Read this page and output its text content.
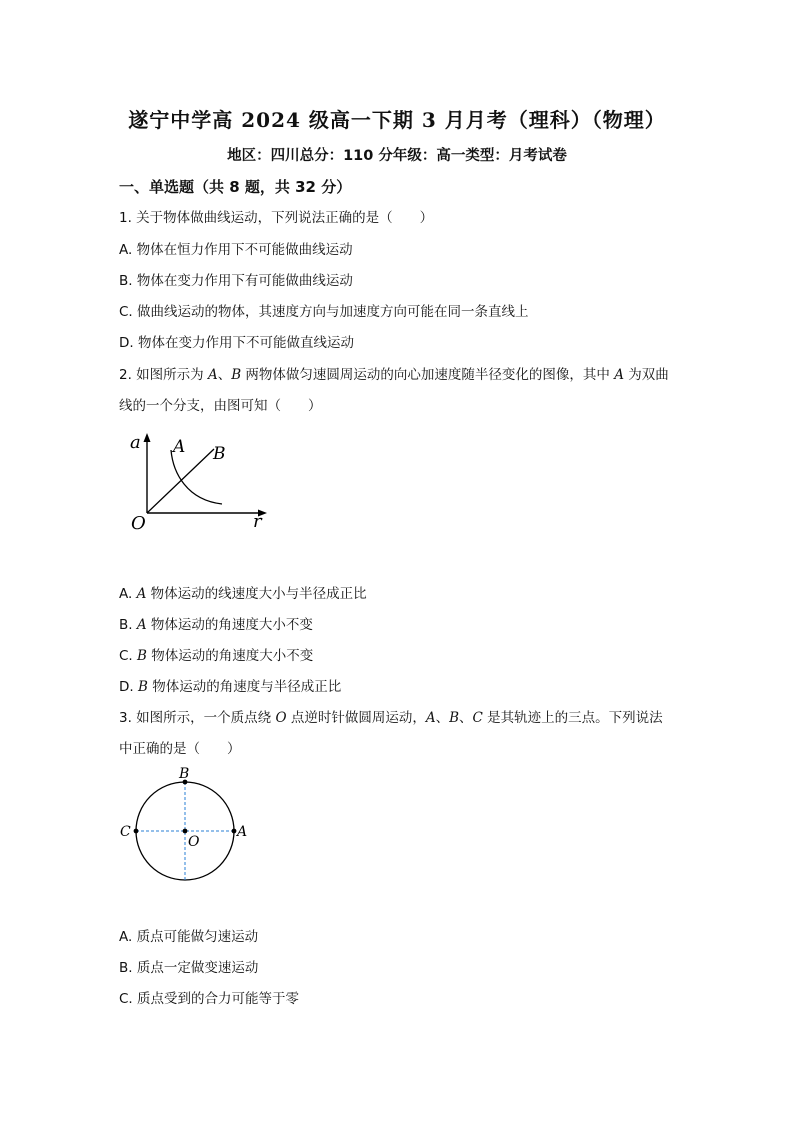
遂宁中学高 2024 级高一下期 3 月月考（理科）（物理）
地区：四川总分：110 分年级：高一类型：月考试卷
一、单选题（共 8 题，共 32 分）
1. 关于物体做曲线运动，下列说法正确的是（　　）
A. 物体在恒力作用下不可能做曲线运动
B. 物体在变力作用下有可能做曲线运动
C. 做曲线运动的物体，其速度方向与加速度方向可能在同一条直线上
D. 物体在变力作用下不可能做直线运动
2. 如图所示为 A、B 两物体做匀速圆周运动的向心加速度随半径变化的图像，其中 A 为双曲
线的一个分支，由图可知（　　）
a A B
O	r
A. A 物体运动的线速度大小与半径成正比
B. A 物体运动的角速度大小不变
C. B 物体运动的角速度大小不变
D. B 物体运动的角速度与半径成正比
3. 如图所示，一个质点绕 O 点逆时针做圆周运动，A、B、C 是其轨迹上的三点。下列说法
中正确的是（　　）
B
C	A
O
A. 质点可能做匀速运动
B. 质点一定做变速运动
C. 质点受到的合力可能等于零
